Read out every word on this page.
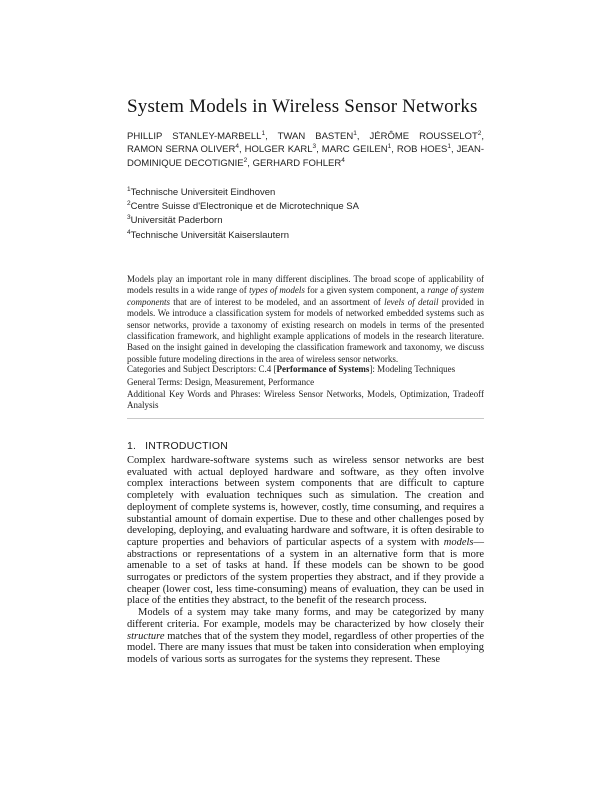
System Models in Wireless Sensor Networks

PHILLIP STANLEY-MARBELL$^1$, TWAN BASTEN$^1$, JÉRÔME ROUSSELOT$^2$, RAMON SERNA OLIVER$^4$, HOLGER KARL$^3$, MARC GEILEN$^1$, ROB HOES$^1$, JEAN-DOMINIQUE DECOTIGNIE$^2$, GERHARD FOHLER$^4$

$^1$Technische Universiteit Eindhoven
$^2$Centre Suisse d'Electronique et de Microtechnique SA
$^3$Universität Paderborn
$^4$Technische Universität Kaiserslautern

Models play an important role in many different disciplines. The broad scope of applicability of models results in a wide range of types of models for a given system component, a range of system components that are of interest to be modeled, and an assortment of levels of detail provided in models. We introduce a classification system for models of networked embedded systems such as sensor networks, provide a taxonomy of existing research on models in terms of the presented classification framework, and highlight example applications of models in the research literature. Based on the insight gained in developing the classification framework and taxonomy, we discuss possible future modeling directions in the area of wireless sensor networks.

Categories and Subject Descriptors: C.4 [Performance of Systems]: Modeling Techniques

General Terms: Design, Measurement, Performance

Additional Key Words and Phrases: Wireless Sensor Networks, Models, Optimization, Tradeoff Analysis

1. INTRODUCTION

Complex hardware-software systems such as wireless sensor networks are best evaluated with actual deployed hardware and software, as they often involve complex interactions between system components that are difficult to capture completely with evaluation techniques such as simulation. The creation and deployment of complete systems is, however, costly, time consuming, and requires a substantial amount of domain expertise. Due to these and other challenges posed by developing, deploying, and evaluating hardware and software, it is often desirable to capture properties and behaviors of particular aspects of a system with models—abstractions or representations of a system in an alternative form that is more amenable to a set of tasks at hand. If these models can be shown to be good surrogates or predictors of the system properties they abstract, and if they provide a cheaper (lower cost, less time-consuming) means of evaluation, they can be used in place of the entities they abstract, to the benefit of the research process.

Models of a system may take many forms, and may be categorized by many different criteria. For example, models may be characterized by how closely their structure matches that of the system they model, regardless of other properties of the model. There are many issues that must be taken into consideration when employing models of various sorts as surrogates for the systems they represent. These
